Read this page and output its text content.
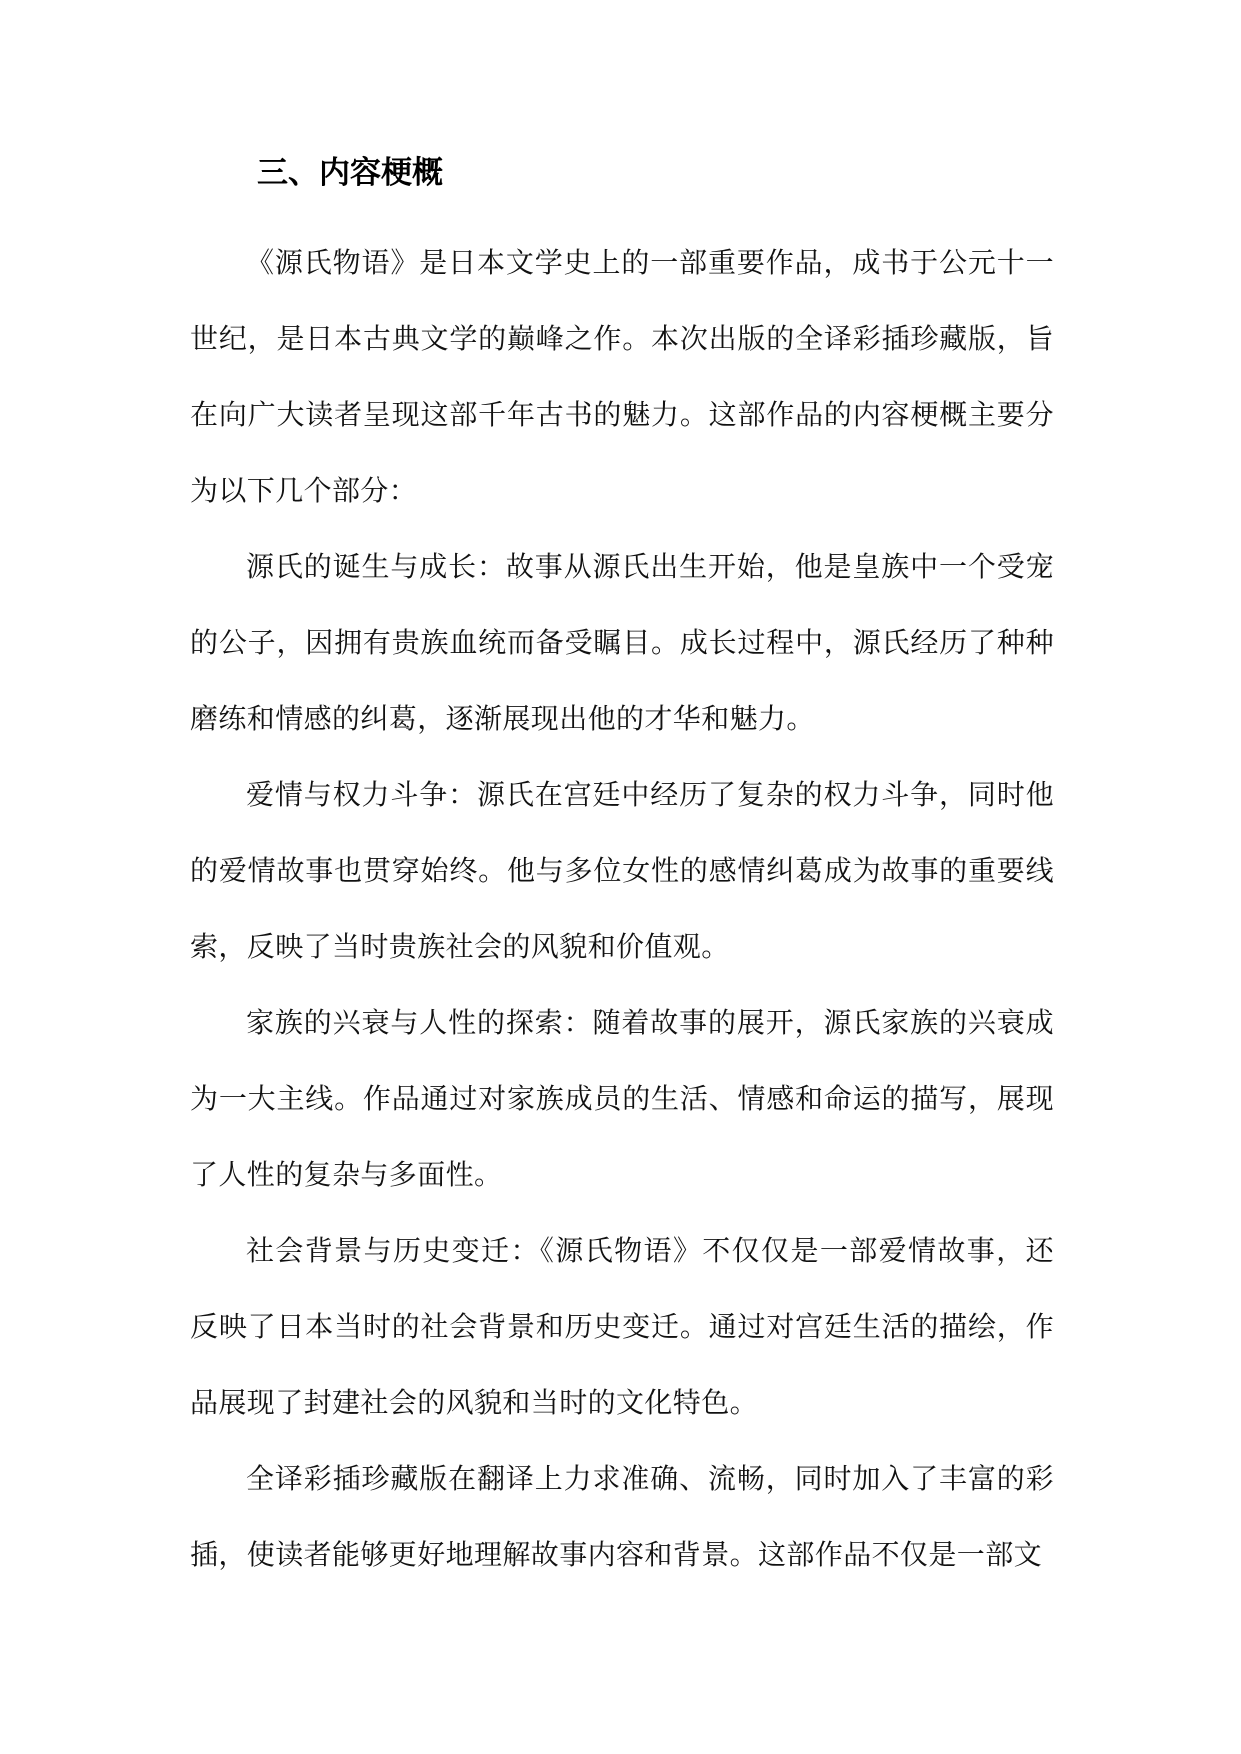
三、内容梗概

《源氏物语》是日本文学史上的一部重要作品，成书于公元十一世纪，是日本古典文学的巅峰之作。本次出版的全译彩插珍藏版，旨在向广大读者呈现这部千年古书的魅力。这部作品的内容梗概主要分为以下几个部分：

源氏的诞生与成长：故事从源氏出生开始，他是皇族中一个受宠的公子，因拥有贵族血统而备受瞩目。成长过程中，源氏经历了种种磨练和情感的纠葛，逐渐展现出他的才华和魅力。

爱情与权力斗争：源氏在宫廷中经历了复杂的权力斗争，同时他的爱情故事也贯穿始终。他与多位女性的感情纠葛成为故事的重要线索，反映了当时贵族社会的风貌和价值观。

家族的兴衰与人性的探索：随着故事的展开，源氏家族的兴衰成为一大主线。作品通过对家族成员的生活、情感和命运的描写，展现了人性的复杂与多面性。

社会背景与历史变迁：《源氏物语》不仅仅是一部爱情故事，还反映了日本当时的社会背景和历史变迁。通过对宫廷生活的描绘，作品展现了封建社会的风貌和当时的文化特色。

全译彩插珍藏版在翻译上力求准确、流畅，同时加入了丰富的彩插，使读者能够更好地理解故事内容和背景。这部作品不仅是一部文
